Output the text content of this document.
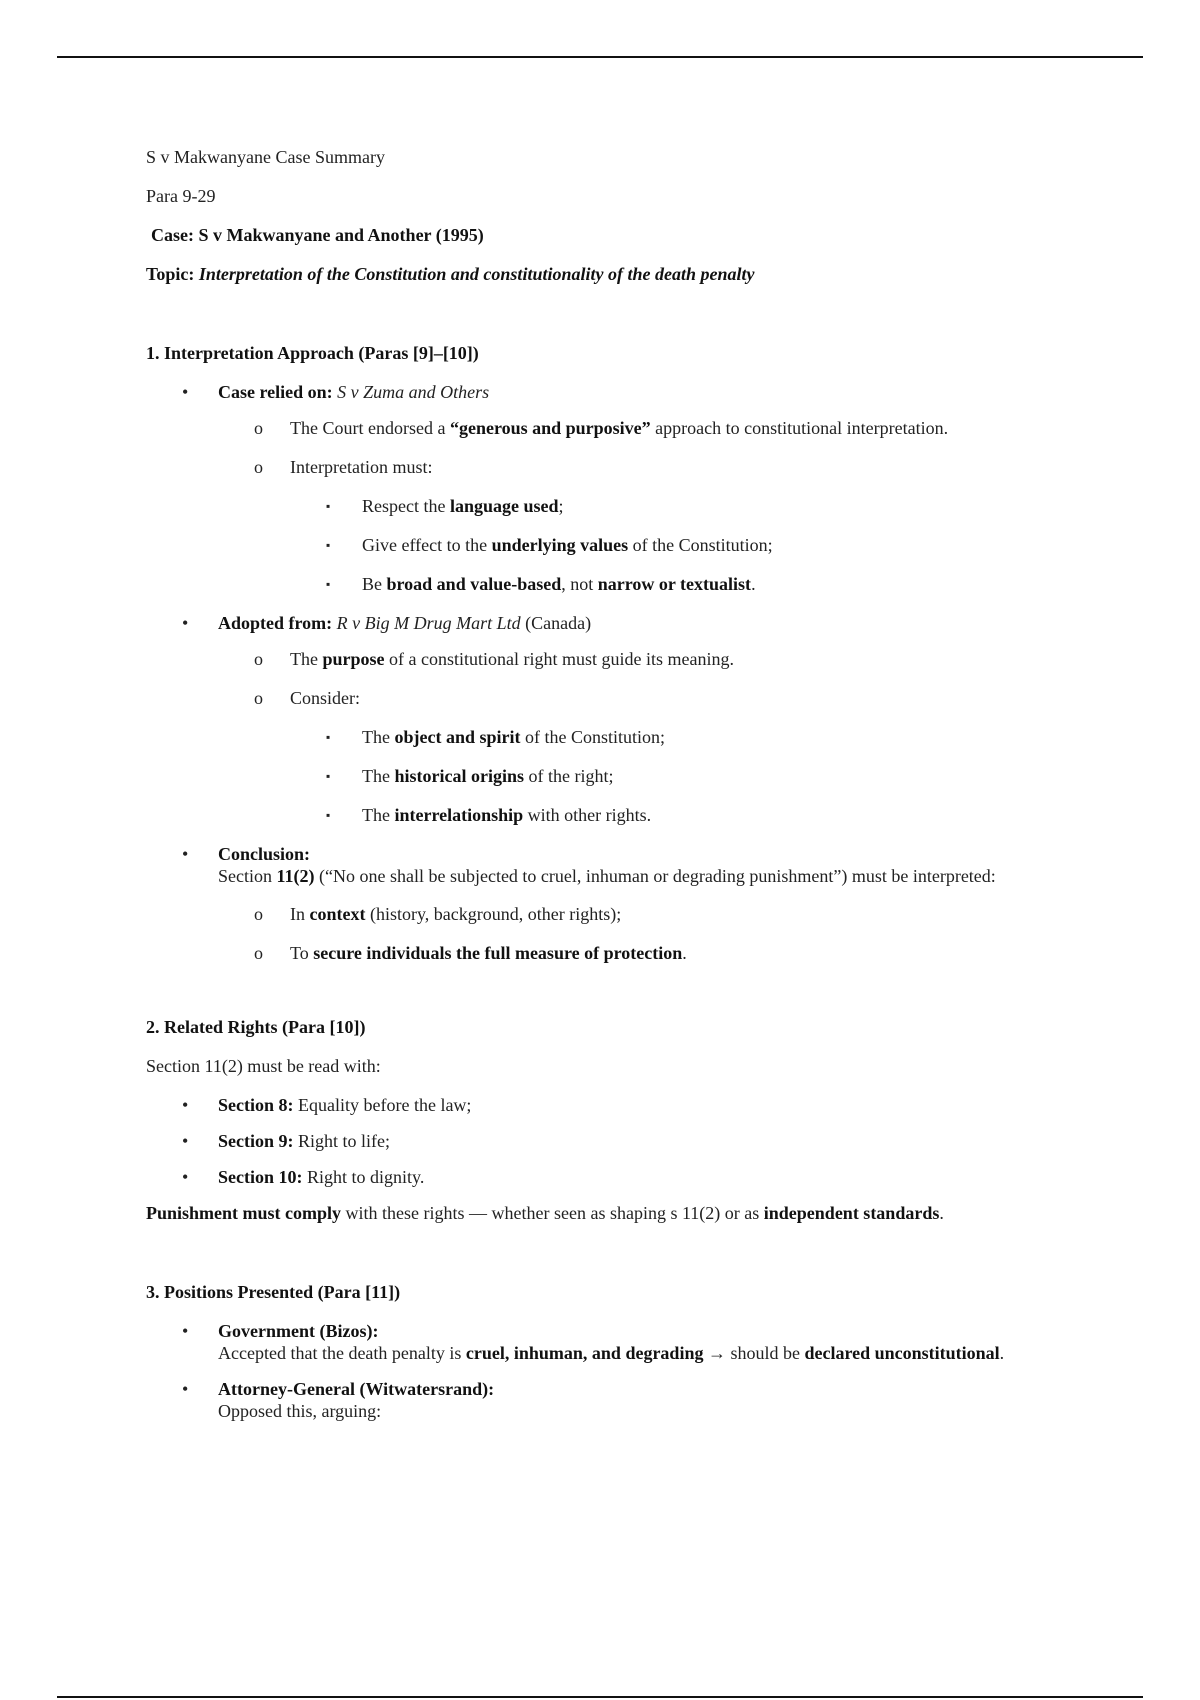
S v Makwanyane Case Summary

Para 9-29

Case: S v Makwanyane and Another (1995)

Topic: Interpretation of the Constitution and constitutionality of the death penalty

1. Interpretation Approach (Paras [9]–[10])

• Case relied on: S v Zuma and Others
o The Court endorsed a “generous and purposive” approach to constitutional interpretation.
o Interpretation must:
▪ Respect the language used;
▪ Give effect to the underlying values of the Constitution;
▪ Be broad and value-based, not narrow or textualist.
• Adopted from: R v Big M Drug Mart Ltd (Canada)
o The purpose of a constitutional right must guide its meaning.
o Consider:
▪ The object and spirit of the Constitution;
▪ The historical origins of the right;
▪ The interrelationship with other rights.
• Conclusion:
Section 11(2) (“No one shall be subjected to cruel, inhuman or degrading punishment”) must be interpreted:
o In context (history, background, other rights);
o To secure individuals the full measure of protection.

2. Related Rights (Para [10])

Section 11(2) must be read with:

• Section 8: Equality before the law;
• Section 9: Right to life;
• Section 10: Right to dignity.

Punishment must comply with these rights — whether seen as shaping s 11(2) or as independent standards.

3. Positions Presented (Para [11])

• Government (Bizos):
Accepted that the death penalty is cruel, inhuman, and degrading → should be declared unconstitutional.
• Attorney-General (Witwatersrand):
Opposed this, arguing:
